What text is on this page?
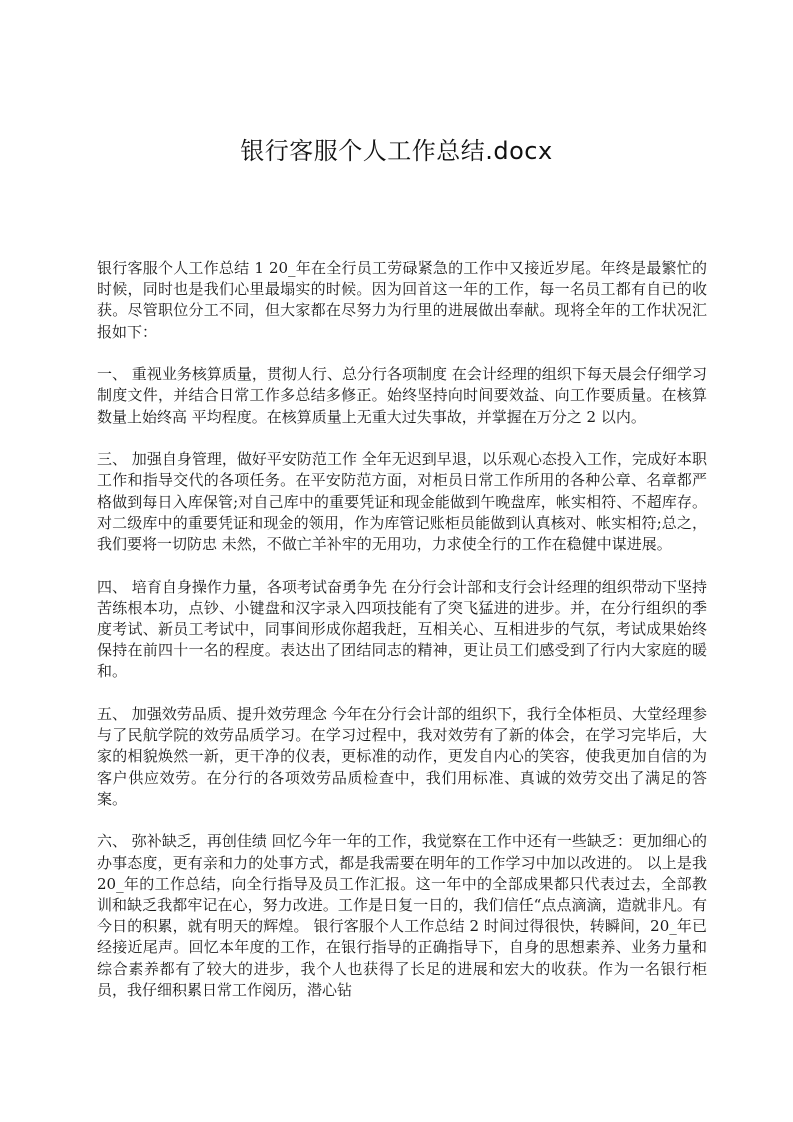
银行客服个人工作总结.docx

银行客服个人工作总结 1 20_年在全行员工劳碌紧急的工作中又接近岁尾。年终是最繁忙的时候，同时也是我们心里最塌实的时候。因为回首这一年的工作，每一名员工都有自已的收获。尽管职位分工不同，但大家都在尽努力为行里的进展做出奉献。现将全年的工作状况汇报如下：

一、 重视业务核算质量，贯彻人行、总分行各项制度 在会计经理的组织下每天晨会仔细学习制度文件，并结合日常工作多总结多修正。始终坚持向时间要效益、向工作要质量。在核算数量上始终高 平均程度。在核算质量上无重大过失事故，并掌握在万分之 2 以内。

三、 加强自身管理，做好平安防范工作 全年无迟到早退，以乐观心态投入工作，完成好本职工作和指导交代的各项任务。在平安防范方面，对柜员日常工作所用的各种公章、名章都严格做到每日入库保管;对自己库中的重要凭证和现金能做到午晚盘库，帐实相符、不超库存。对二级库中的重要凭证和现金的领用，作为库管记账柜员能做到认真核对、帐实相符;总之，我们要将一切防忠 未然，不做亡羊补牢的无用功，力求使全行的工作在稳健中谋进展。

四、 培育自身操作力量，各项考试奋勇争先 在分行会计部和支行会计经理的组织带动下坚持苦练根本功，点钞、小键盘和汉字录入四项技能有了突飞猛进的进步。并，在分行组织的季度考试、新员工考试中，同事间形成你超我赶，互相关心、互相进步的气氛，考试成果始终保持在前四十一名的程度。表达出了团结同志的精神，更让员工们感受到了行内大家庭的暖和。

五、 加强效劳品质、提升效劳理念 今年在分行会计部的组织下，我行全体柜员、大堂经理参与了民航学院的效劳品质学习。在学习过程中，我对效劳有了新的体会，在学习完毕后，大家的相貌焕然一新，更干净的仪表，更标准的动作，更发自内心的笑容，使我更加自信的为客户供应效劳。在分行的各项效劳品质检查中，我们用标准、真诚的效劳交出了满足的答案。

六、 弥补缺乏，再创佳绩 回忆今年一年的工作，我觉察在工作中还有一些缺乏：更加细心的办事态度，更有亲和力的处事方式，都是我需要在明年的工作学习中加以改进的。 以上是我 20_年的工作总结，向全行指导及员工作汇报。这一年中的全部成果都只代表过去，全部教训和缺乏我都牢记在心，努力改进。工作是日复一日的，我们信任“点点滴滴，造就非凡。有今日的积累，就有明天的辉煌。 银行客服个人工作总结 2 时间过得很快，转瞬间，20_年已经接近尾声。回忆本年度的工作，在银行指导的正确指导下，自身的思想素养、业务力量和综合素养都有了较大的进步，我个人也获得了长足的进展和宏大的收获。作为一名银行柜员，我仔细积累日常工作阅历，潜心钻
